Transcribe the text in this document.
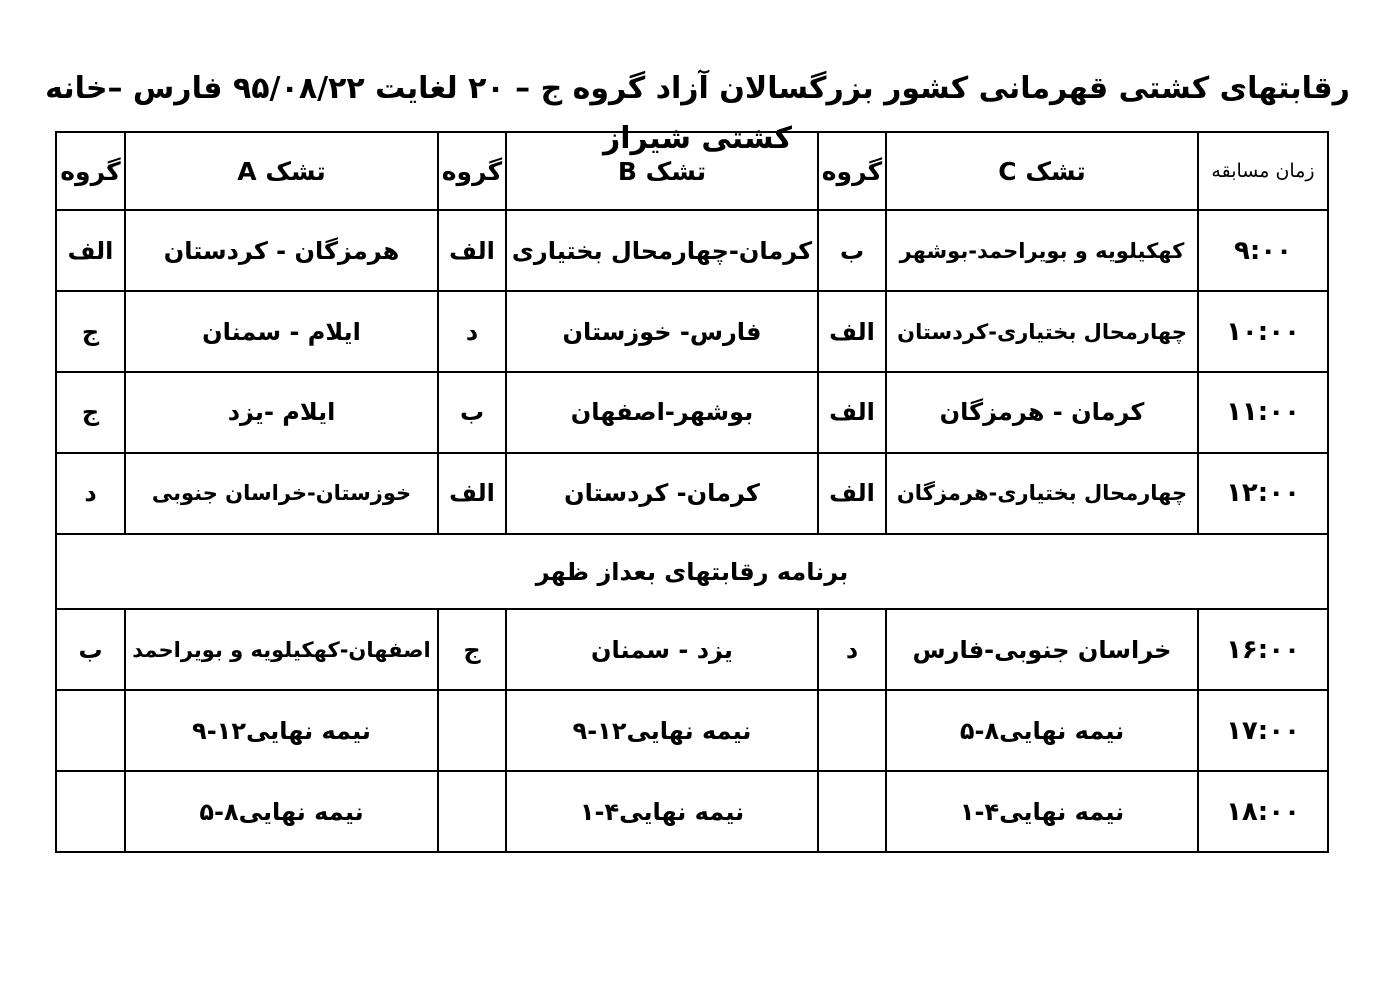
رقابتهای کشتی قهرمانی کشور بزرگسالان آزاد گروه ج – ۲۰ لغایت ۹۵/۰۸/۲۲ فارس –خانه کشتی شیراز
زمان مسابقه	تشک C	گروه	تشک B	گروه	تشک A	گروه
۹:۰۰	کهکیلویه و بویراحمد-بوشهر	ب	کرمان-چهارمحال بختیاری	الف	هرمزگان - کردستان	الف
۱۰:۰۰	چهارمحال بختیاری-کردستان	الف	فارس- خوزستان	د	ایلام - سمنان	ج
۱۱:۰۰	کرمان - هرمزگان	الف	بوشهر-اصفهان	ب	ایلام -یزد	ج
۱۲:۰۰	چهارمحال بختیاری-هرمزگان	الف	کرمان- کردستان	الف	خوزستان-خراسان جنوبی	د
برنامه رقابتهای بعداز ظهر						
۱۶:۰۰	خراسان جنوبی-فارس	د	یزد - سمنان	ج	اصفهان-کهکیلویه و بویراحمد	ب
۱۷:۰۰	نیمه نهایی۸-۵		نیمه نهایی۱۲-۹		نیمه نهایی۱۲-۹	
۱۸:۰۰	نیمه نهایی۴-۱		نیمه نهایی۴-۱		نیمه نهایی۸-۵	
